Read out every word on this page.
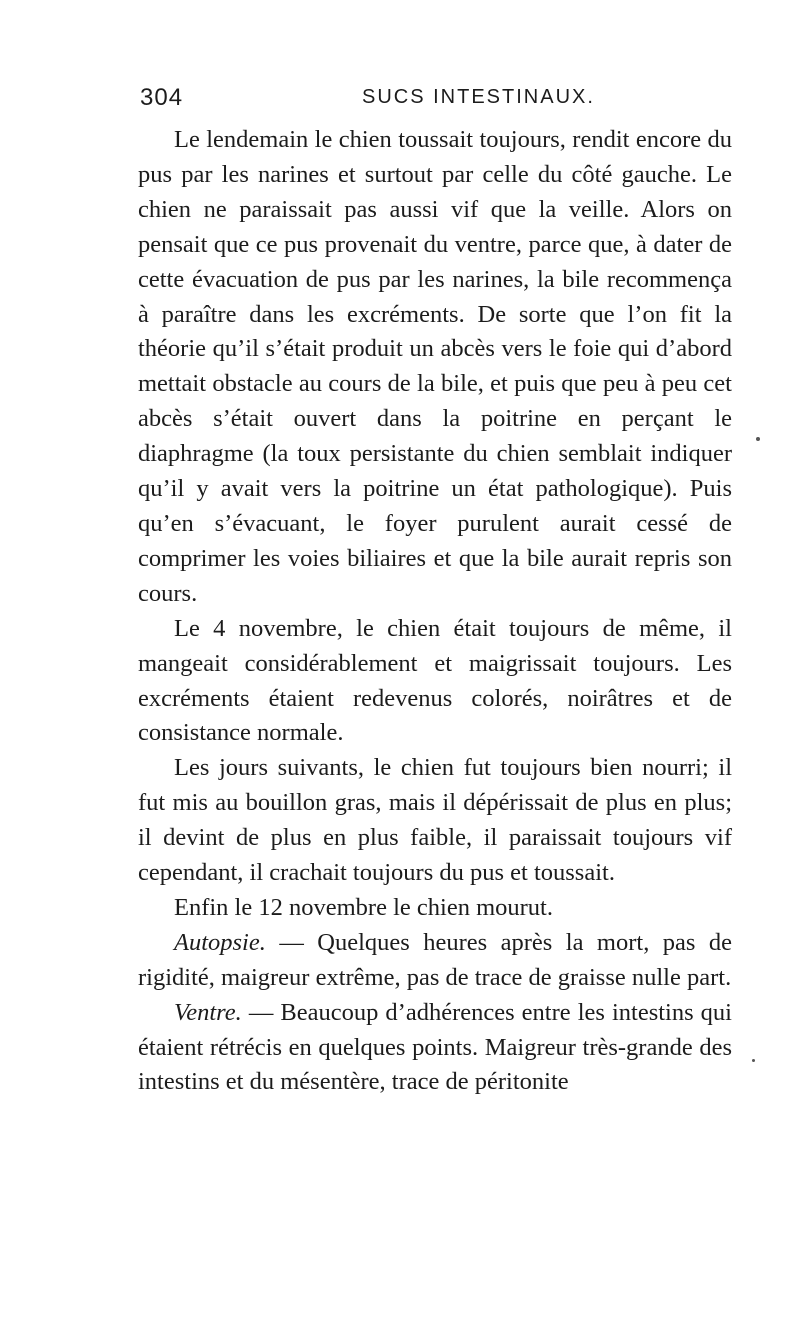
304	SUCS INTESTINAUX.

Le lendemain le chien toussait toujours, rendit encore du pus par les narines et surtout par celle du côté gauche. Le chien ne paraissait pas aussi vif que la veille. Alors on pensait que ce pus provenait du ventre, parce que, à dater de cette évacuation de pus par les narines, la bile recommença à paraître dans les excréments. De sorte que l’on fit la théorie qu’il s’était produit un abcès vers le foie qui d’abord mettait obstacle au cours de la bile, et puis que peu à peu cet abcès s’était ouvert dans la poitrine en perçant le diaphragme (la toux persistante du chien semblait indiquer qu’il y avait vers la poitrine un état pathologique). Puis qu’en s’évacuant, le foyer purulent aurait cessé de comprimer les voies biliaires et que la bile aurait repris son cours.

Le 4 novembre, le chien était toujours de même, il mangeait considérablement et maigrissait toujours. Les excréments étaient redevenus colorés, noirâtres et de consistance normale.

Les jours suivants, le chien fut toujours bien nourri; il fut mis au bouillon gras, mais il dépérissait de plus en plus; il devint de plus en plus faible, il paraissait toujours vif cependant, il crachait toujours du pus et toussait.

Enfin le 12 novembre le chien mourut.

Autopsie. — Quelques heures après la mort, pas de rigidité, maigreur extrême, pas de trace de graisse nulle part.

Ventre. — Beaucoup d’adhérences entre les intestins qui étaient rétrécis en quelques points. Maigreur très-grande des intestins et du mésentère, trace de péritonite
